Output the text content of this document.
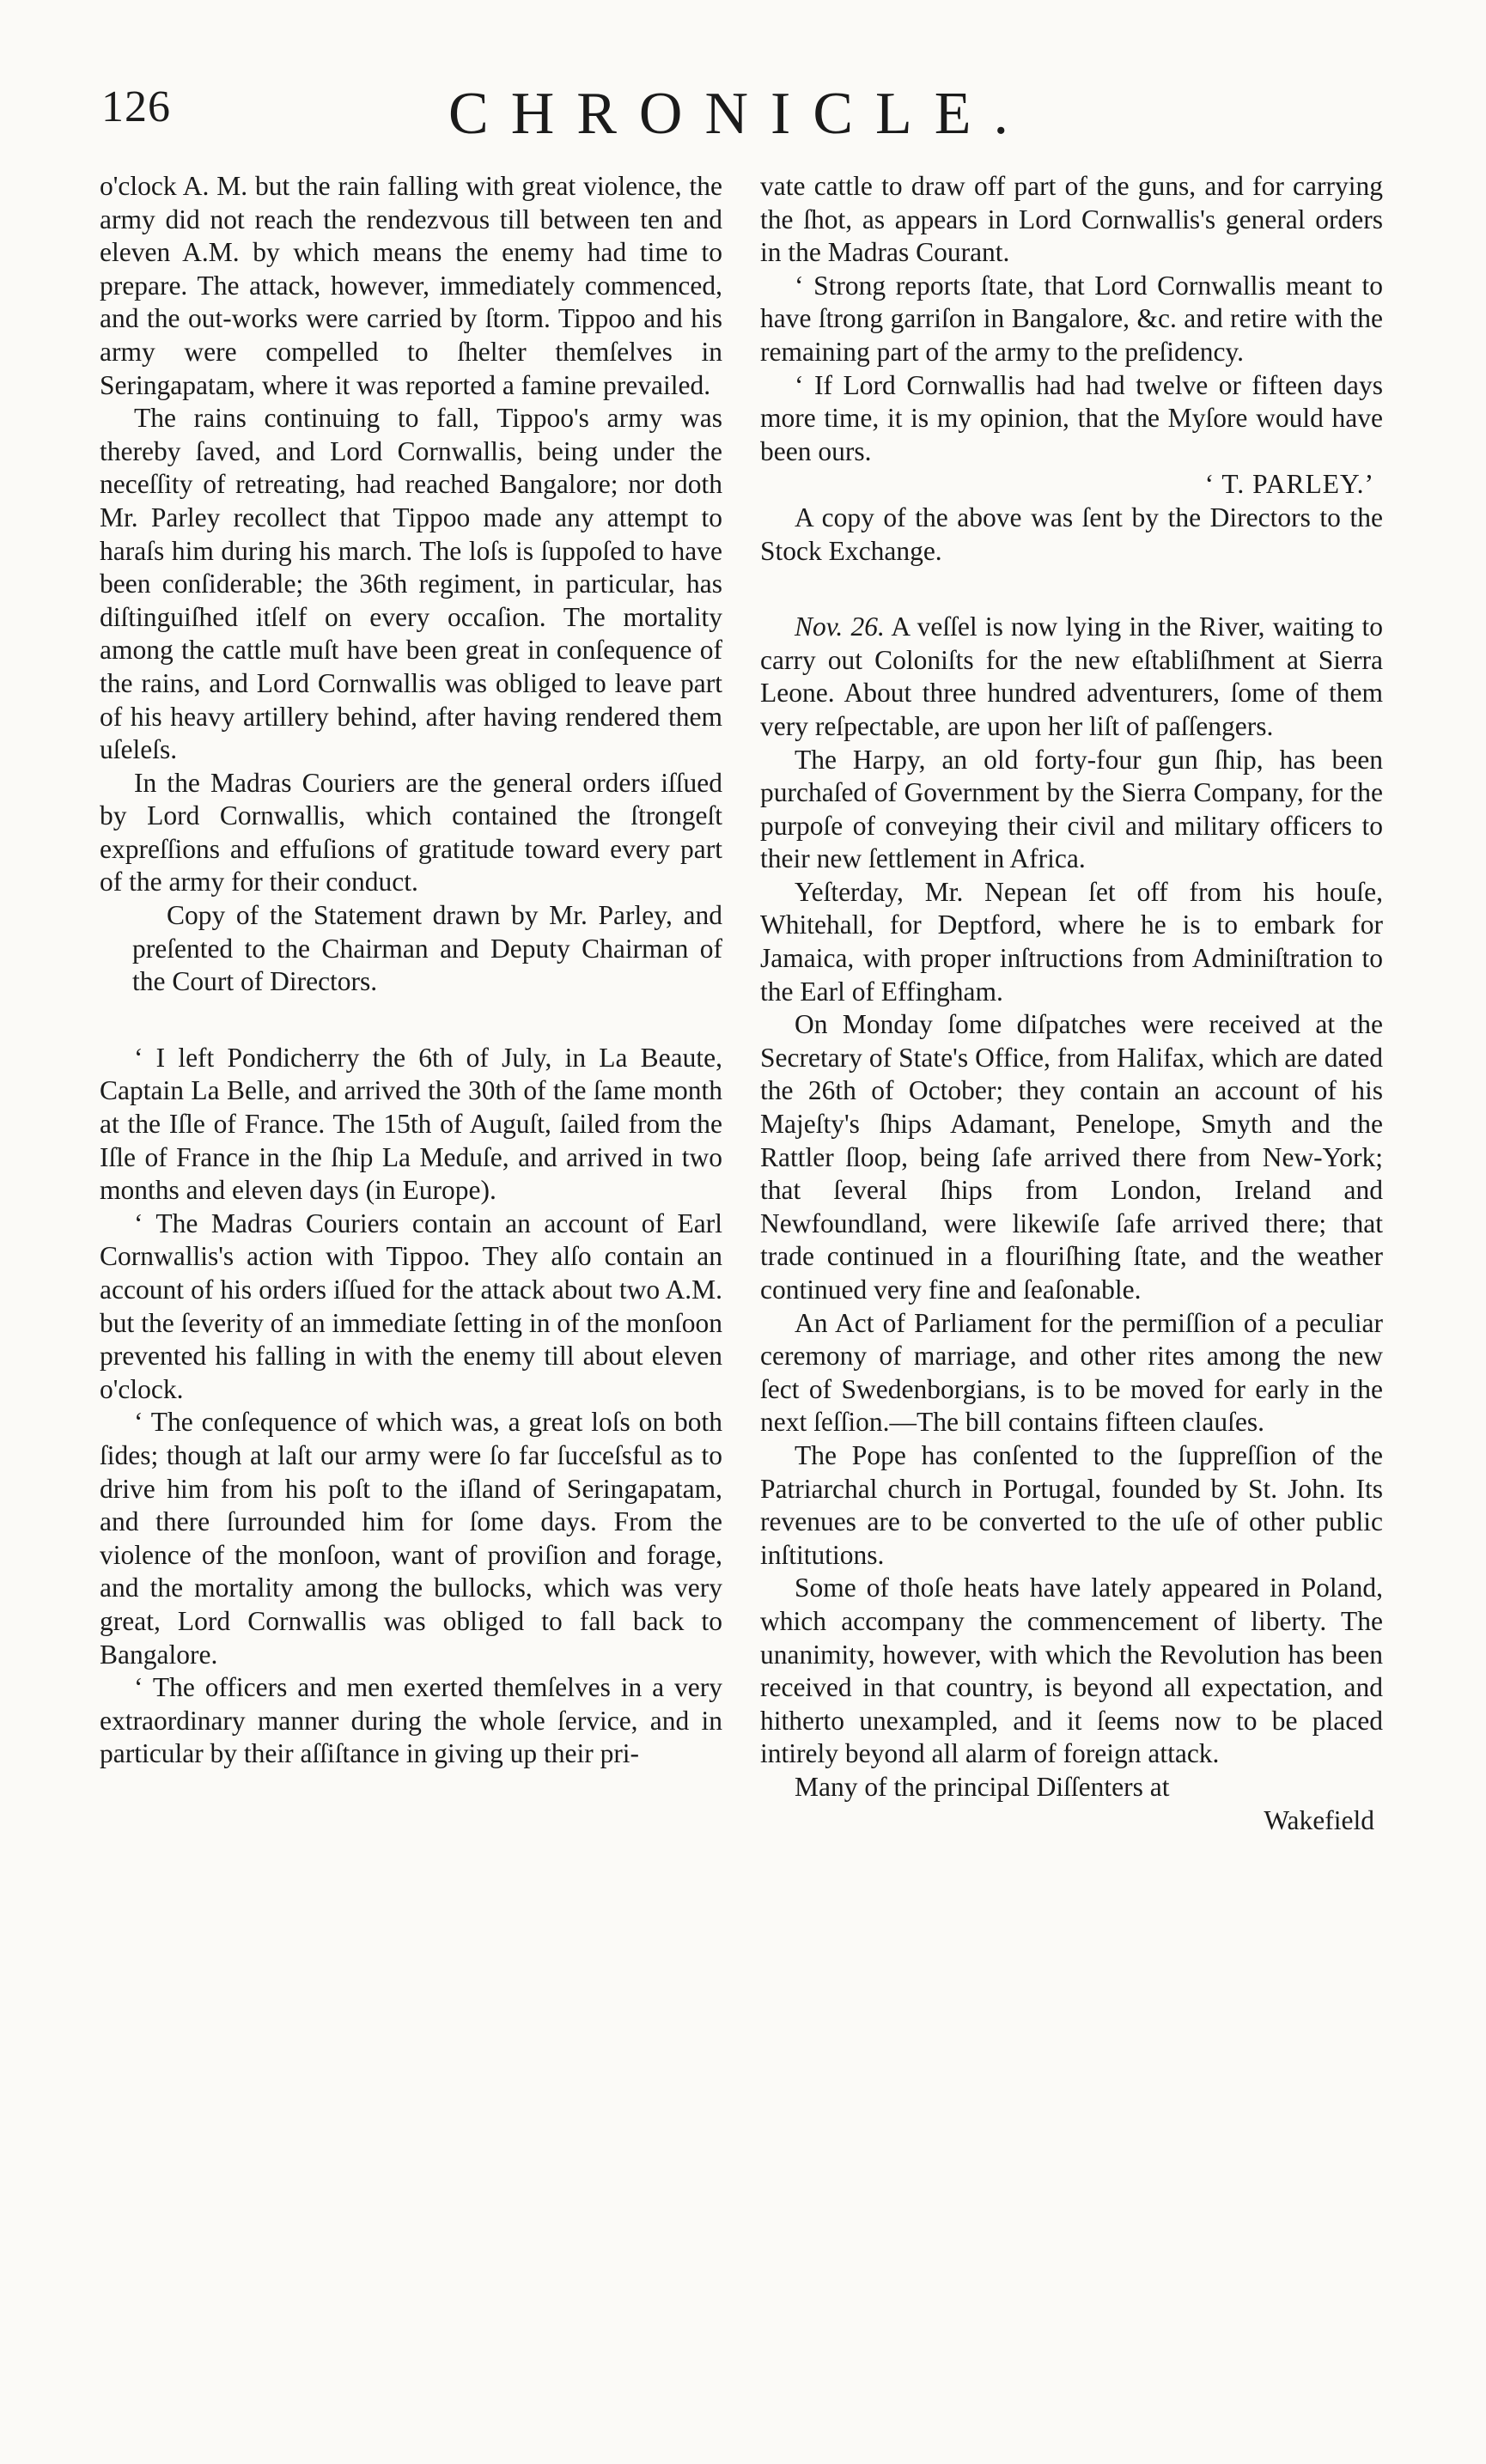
126	CHRONICLE.

o'clock A. M. but the rain falling with great violence, the army did not reach the rendezvous till between ten and eleven A.M. by which means the enemy had time to prepare. The attack, however, immediately commenced, and the out-works were carried by ſtorm. Tippoo and his army were compelled to ſhelter themſelves in Seringapatam, where it was reported a famine prevailed.

The rains continuing to fall, Tippoo's army was thereby ſaved, and Lord Cornwallis, being under the neceſſity of retreating, had reached Bangalore; nor doth Mr. Parley recollect that Tippoo made any attempt to haraſs him during his march. The loſs is ſuppoſed to have been conſiderable; the 36th regiment, in particular, has diſtinguiſhed itſelf on every occaſion. The mortality among the cattle muſt have been great in conſequence of the rains, and Lord Cornwallis was obliged to leave part of his heavy artillery behind, after having rendered them uſeleſs.

In the Madras Couriers are the general orders iſſued by Lord Cornwallis, which contained the ſtrongeſt expreſſions and effuſions of gratitude toward every part of the army for their conduct.

Copy of the Statement drawn by Mr. Parley, and preſented to the Chairman and Deputy Chairman of the Court of Directors.

‘ I left Pondicherry the 6th of July, in La Beaute, Captain La Belle, and arrived the 30th of the ſame month at the Iſle of France. The 15th of Auguſt, ſailed from the Iſle of France in the ſhip La Meduſe, and arrived in two months and eleven days (in Europe).

‘ The Madras Couriers contain an account of Earl Cornwallis's action with Tippoo. They alſo contain an account of his orders iſſued for the attack about two A.M. but the ſeverity of an immediate ſetting in of the monſoon prevented his falling in with the enemy till about eleven o'clock.

‘ The conſequence of which was, a great loſs on both ſides; though at laſt our army were ſo far ſucceſsful as to drive him from his poſt to the iſland of Seringapatam, and there ſurrounded him for ſome days. From the violence of the monſoon, want of proviſion and forage, and the mortality among the bullocks, which was very great, Lord Cornwallis was obliged to fall back to Bangalore.

‘ The officers and men exerted themſelves in a very extraordinary manner during the whole ſervice, and in particular by their aſſiſtance in giving up their pri-

vate cattle to draw off part of the guns, and for carrying the ſhot, as appears in Lord Cornwallis's general orders in the Madras Courant.

‘ Strong reports ſtate, that Lord Cornwallis meant to have ſtrong garriſon in Bangalore, &c. and retire with the remaining part of the army to the preſidency.

‘ If Lord Cornwallis had had twelve or fifteen days more time, it is my opinion, that the Myſore would have been ours.

‘ T. PARLEY.’

A copy of the above was ſent by the Directors to the Stock Exchange.

Nov. 26. A veſſel is now lying in the River, waiting to carry out Coloniſts for the new eſtabliſhment at Sierra Leone. About three hundred adventurers, ſome of them very reſpectable, are upon her liſt of paſſengers.

The Harpy, an old forty-four gun ſhip, has been purchaſed of Government by the Sierra Company, for the purpoſe of conveying their civil and military officers to their new ſettlement in Africa.

Yeſterday, Mr. Nepean ſet off from his houſe, Whitehall, for Deptford, where he is to embark for Jamaica, with proper inſtructions from Adminiſtration to the Earl of Effingham.

On Monday ſome diſpatches were received at the Secretary of State's Office, from Halifax, which are dated the 26th of October; they contain an account of his Majeſty's ſhips Adamant, Penelope, Smyth and the Rattler ſloop, being ſafe arrived there from New-York; that ſeveral ſhips from London, Ireland and Newfoundland, were likewiſe ſafe arrived there; that trade continued in a flouriſhing ſtate, and the weather continued very fine and ſeaſonable.

An Act of Parliament for the permiſſion of a peculiar ceremony of marriage, and other rites among the new ſect of Swedenborgians, is to be moved for early in the next ſeſſion.—The bill contains fifteen clauſes.

The Pope has conſented to the ſuppreſſion of the Patriarchal church in Portugal, founded by St. John. Its revenues are to be converted to the uſe of other public inſtitutions.

Some of thoſe heats have lately appeared in Poland, which accompany the commencement of liberty. The unanimity, however, with which the Revolution has been received in that country, is beyond all expectation, and hitherto unexampled, and it ſeems now to be placed intirely beyond all alarm of foreign attack.

Many of the principal Diſſenters at

Wakefield
